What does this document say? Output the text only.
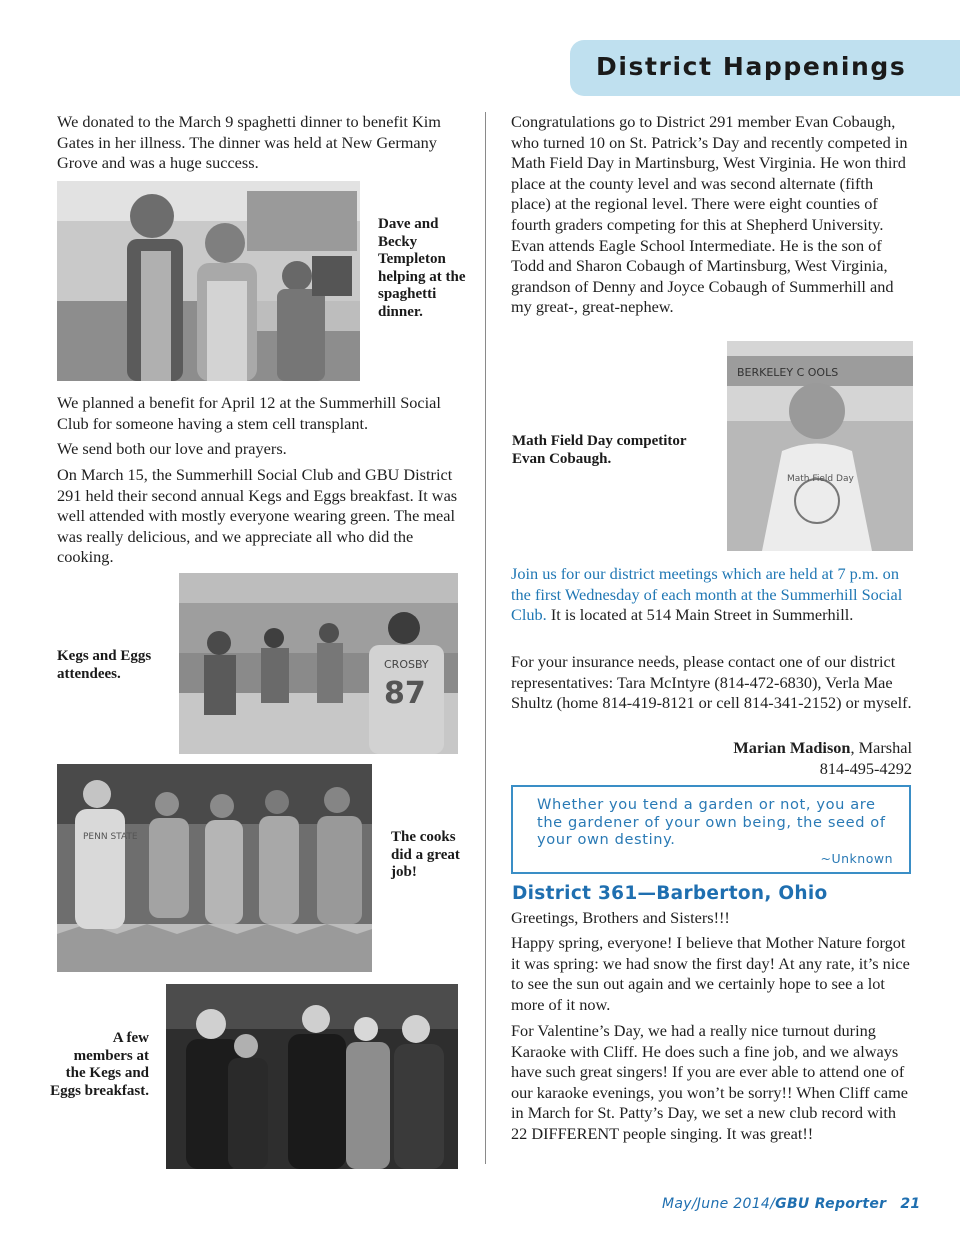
District Happenings

We donated to the March 9 spaghetti dinner to benefit Kim Gates in her illness. The dinner was held at New Germany Grove and was a huge success.

Dave and Becky Templeton helping at the spaghetti dinner.

We planned a benefit for April 12 at the Summerhill Social Club for someone having a stem cell transplant.

We send both our love and prayers.

On March 15, the Summerhill Social Club and GBU District 291 held their second annual Kegs and Eggs breakfast. It was well attended with mostly everyone wearing green. The meal was really delicious, and we appreciate all who did the cooking.

CROSBY
87
Kegs and Eggs attendees.
PENN STATE	The cooks did a great job!
A few members at the Kegs and Eggs breakfast.

Congratulations go to District 291 member Evan Cobaugh, who turned 10 on St. Patrick’s Day and recently competed in Math Field Day in Martinsburg, West Virginia. He won third place at the county level and was second alternate (fifth place) at the regional level. There were eight counties of fourth graders competing for this at Shepherd University. Evan attends Eagle School Intermediate. He is the son of Todd and Sharon Cobaugh of Martinsburg, West Virginia, grandson of Denny and Joyce Cobaugh of Summerhill and my great-, great-nephew.

BERKELEY C OOLS
Math Field Day
Math Field Day competitor Evan Cobaugh.

Join us for our district meetings which are held at 7 p.m. on the first Wednesday of each month at the Summerhill Social Club. It is located at 514 Main Street in Summerhill.

For your insurance needs, please contact one of our district representatives: Tara McIntyre (814-472-6830), Verla Mae Shultz (home 814-419-8121 or cell 814-341-2152) or myself.

Marian Madison, Marshal
814-495-4292
Whether you tend a garden or not, you are the gardener of your own being, the seed of your own destiny.
~Unknown
District 361—Barberton, Ohio

Greetings, Brothers and Sisters!!!

Happy spring, everyone! I believe that Mother Nature forgot it was spring: we had snow the first day! At any rate, it’s nice to see the sun out again and we certainly hope to see a lot more of it now.

For Valentine’s Day, we had a really nice turnout during Karaoke with Cliff. He does such a fine job, and we always have such great singers! If you are ever able to attend one of our karaoke evenings, you won’t be sorry!! When Cliff came in March for St. Patty’s Day, we set a new club record with 22 DIFFERENT people singing. It was great!!

May/June 2014/GBU Reporter 21
